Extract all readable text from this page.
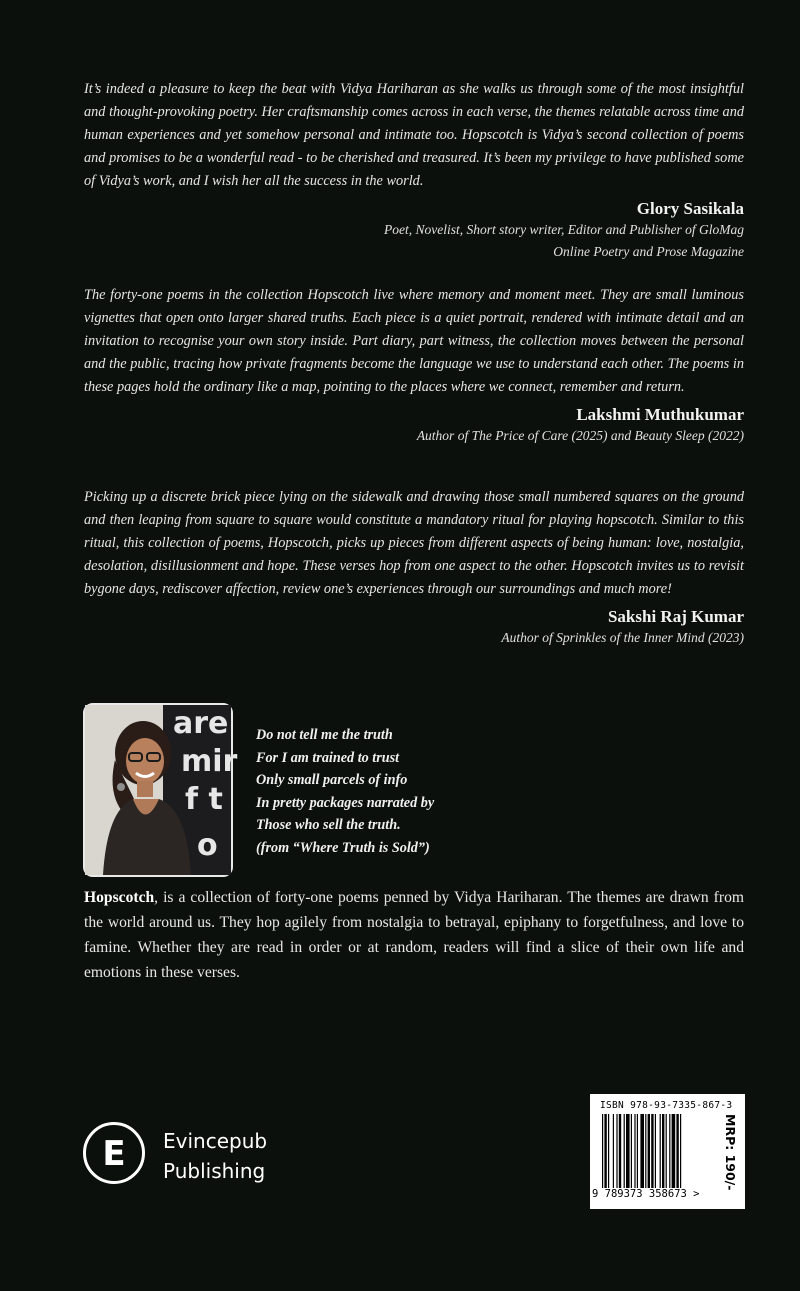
It’s indeed a pleasure to keep the beat with Vidya Hariharan as she walks us through some of the most insightful and thought-provoking poetry. Her craftsmanship comes across in each verse, the themes relatable across time and human experiences and yet somehow personal and intimate too. Hopscotch is Vidya’s second collection of poems and promises to be a wonderful read - to be cherished and treasured. It’s been my privilege to have published some of Vidya’s work, and I wish her all the success in the world.

Glory Sasikala
Poet, Novelist, Short story writer, Editor and Publisher of GloMag
Online Poetry and Prose Magazine

The forty-one poems in the collection Hopscotch live where memory and moment meet. They are small luminous vignettes that open onto larger shared truths. Each piece is a quiet portrait, rendered with intimate detail and an invitation to recognise your own story inside. Part diary, part witness, the collection moves between the personal and the public, tracing how private fragments become the language we use to understand each other. The poems in these pages hold the ordinary like a map, pointing to the places where we connect, remember and return.

Lakshmi Muthukumar
Author of The Price of Care (2025) and Beauty Sleep (2022)

Picking up a discrete brick piece lying on the sidewalk and drawing those small numbered squares on the ground and then leaping from square to square would constitute a mandatory ritual for playing hopscotch. Similar to this ritual, this collection of poems, Hopscotch, picks up pieces from different aspects of being human: love, nostalgia, desolation, disillusionment and hope. These verses hop from one aspect to the other. Hopscotch invites us to revisit bygone days, rediscover affection, review one’s experiences through our surroundings and much more!

Sakshi Raj Kumar
Author of Sprinkles of the Inner Mind (2023)
are
mir
f t
o
Do not tell me the truth
For I am trained to trust
Only small parcels of info
In pretty packages narrated by
Those who sell the truth.
(from “Where Truth is Sold”)
Hopscotch, is a collection of forty-one poems penned by Vidya Hariharan. The themes are drawn from the world around us. They hop agilely from nostalgia to betrayal, epiphany to forgetfulness, and love to famine. Whether they are read in order or at random, readers will find a slice of their own life and emotions in these verses.
E Evincepub
Publishing
ISBN 978-93-7335-867-3
9 789373 358673 >
MRP: 190/-
